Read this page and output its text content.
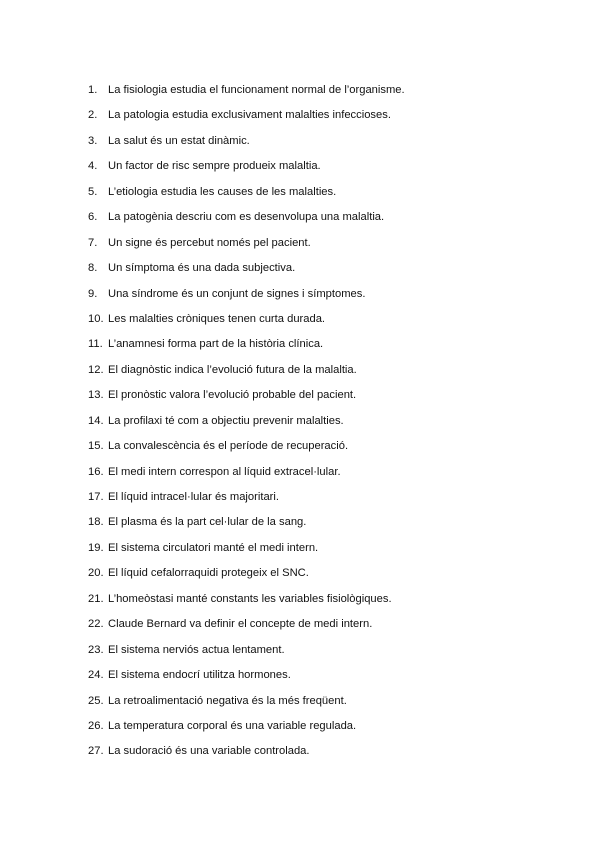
1. La fisiologia estudia el funcionament normal de l’organisme.
2. La patologia estudia exclusivament malalties infeccioses.
3. La salut és un estat dinàmic.
4. Un factor de risc sempre produeix malaltia.
5. L’etiologia estudia les causes de les malalties.
6. La patogènia descriu com es desenvolupa una malaltia.
7. Un signe és percebut només pel pacient.
8. Un símptoma és una dada subjectiva.
9. Una síndrome és un conjunt de signes i símptomes.
10. Les malalties cròniques tenen curta durada.
11. L’anamnesi forma part de la història clínica.
12. El diagnòstic indica l’evolució futura de la malaltia.
13. El pronòstic valora l’evolució probable del pacient.
14. La profilaxi té com a objectiu prevenir malalties.
15. La convalescència és el període de recuperació.
16. El medi intern correspon al líquid extracel·lular.
17. El líquid intracel·lular és majoritari.
18. El plasma és la part cel·lular de la sang.
19. El sistema circulatori manté el medi intern.
20. El líquid cefalorraquidi protegeix el SNC.
21. L’homeòstasi manté constants les variables fisiològiques.
22. Claude Bernard va definir el concepte de medi intern.
23. El sistema nerviós actua lentament.
24. El sistema endocrí utilitza hormones.
25. La retroalimentació negativa és la més freqüent.
26. La temperatura corporal és una variable regulada.
27. La sudoració és una variable controlada.
